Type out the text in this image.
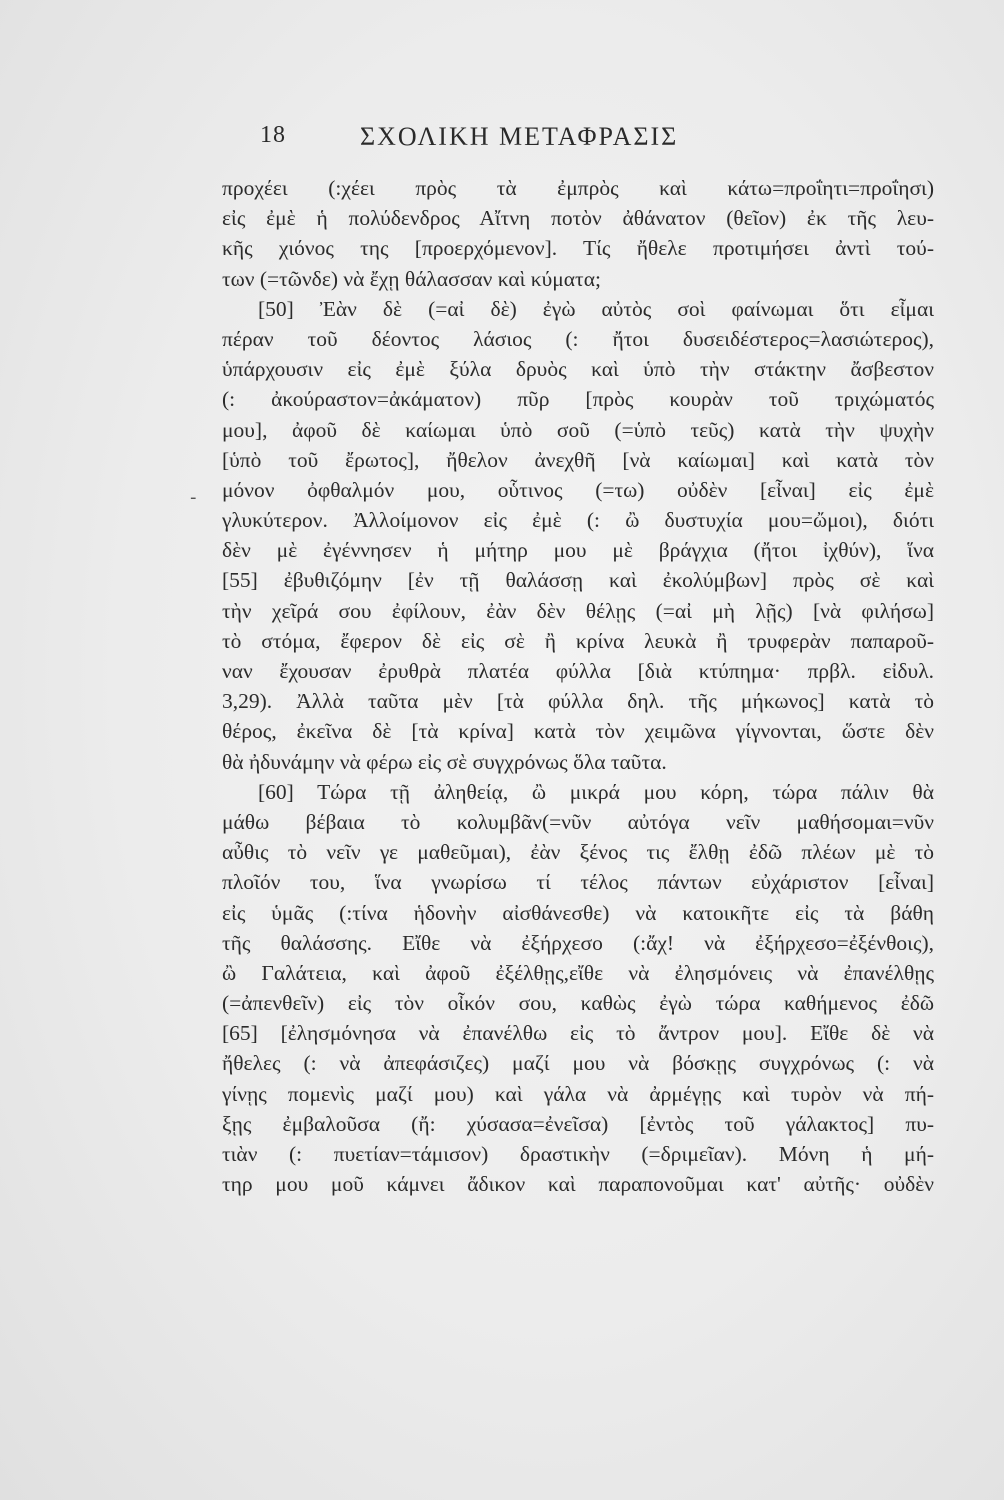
18	ΣΧΟΛΙΚΗ ΜΕΤΑΦΡΑΣΙΣ
-
προχέει (:χέει πρὸς τὰ ἐμπρὸς καὶ κάτω=προΐητι=προΐησι)
εἰς ἐμὲ ἡ πολύδενδρος Αἴτνη ποτὸν ἀθάνατον (θεῖον) ἐκ τῆς λευ-
κῆς χιόνος της [προερχόμενον]. Τίς ἤθελε προτιμήσει ἀντὶ τού-
των (=τῶνδε) νὰ ἔχῃ θάλασσαν καὶ κύματα;
[50] Ἐὰν δὲ (=αἰ δὲ) ἐγὼ αὐτὸς σοὶ φαίνωμαι ὅτι εἶμαι
πέραν τοῦ δέοντος λάσιος (: ἤτοι δυσειδέστερος=λασιώτερος),
ὑπάρχουσιν εἰς ἐμὲ ξύλα δρυὸς καὶ ὑπὸ τὴν στάκτην ἄσβεστον
(: ἀκούραστον=ἀκάματον) πῦρ [πρὸς κουρὰν τοῦ τριχώματός
μου], ἀφοῦ δὲ καίωμαι ὑπὸ σοῦ (=ὑπὸ τεῦς) κατὰ τὴν ψυχὴν
[ὑπὸ τοῦ ἔρωτος], ἤθελον ἀνεχθῆ [νὰ καίωμαι] καὶ κατὰ τὸν
μόνον ὀφθαλμόν μου, οὗτινος (=τω) οὐδὲν [εἶναι] εἰς ἐμὲ
γλυκύτερον. Ἀλλοίμονον εἰς ἐμὲ (: ὢ δυστυχία μου=ὤμοι), διότι
δὲν μὲ ἐγέννησεν ἡ μήτηρ μου μὲ βράγχια (ἤτοι ἰχθύν), ἵνα
[55] ἐβυθιζόμην [ἐν τῇ θαλάσσῃ καὶ ἐκολύμβων] πρὸς σὲ καὶ
τὴν χεῖρά σου ἐφίλουν, ἐὰν δὲν θέλῃς (=αἰ μὴ λῇς) [νὰ φιλήσω]
τὸ στόμα, ἔφερον δὲ εἰς σὲ ἢ κρίνα λευκὰ ἢ τρυφερὰν παπαροῦ-
ναν ἔχουσαν ἐρυθρὰ πλατέα φύλλα [διὰ κτύπημα· πρβλ. εἰδυλ.
3,29). Ἀλλὰ ταῦτα μὲν [τὰ φύλλα δηλ. τῆς μήκωνος] κατὰ τὸ
θέρος, ἐκεῖνα δὲ [τὰ κρίνα] κατὰ τὸν χειμῶνα γίγνονται, ὥστε δὲν
θὰ ἠδυνάμην νὰ φέρω εἰς σὲ συγχρόνως ὅλα ταῦτα.
[60] Τώρα τῇ ἀληθείᾳ, ὢ μικρά μου κόρη, τώρα πάλιν θὰ
μάθω βέβαια τὸ κολυμβᾶν(=νῦν αὐτόγα νεῖν μαθήσομαι=νῦν
αὖθις τὸ νεῖν γε μαθεῦμαι), ἐὰν ξένος τις ἔλθῃ ἐδῶ πλέων μὲ τὸ
πλοῖόν του, ἵνα γνωρίσω τί τέλος πάντων εὐχάριστον [εἶναι]
εἰς ὑμᾶς (:τίνα ἡδονὴν αἰσθάνεσθε) νὰ κατοικῆτε εἰς τὰ βάθη
τῆς θαλάσσης. Εἴθε νὰ ἐξήρχεσο (:ἄχ! νὰ ἐξήρχεσο=ἐξένθοις),
ὢ Γαλάτεια, καὶ ἀφοῦ ἐξέλθῃς,εἴθε νὰ ἐλησμόνεις νὰ ἐπανέλθῃς
(=ἀπενθεῖν) εἰς τὸν οἶκόν σου, καθὼς ἐγὼ τώρα καθήμενος ἐδῶ
[65] [ἐλησμόνησα νὰ ἐπανέλθω εἰς τὸ ἄντρον μου]. Εἴθε δὲ νὰ
ἤθελες (: νὰ ἀπεφάσιζες) μαζί μου νὰ βόσκῃς συγχρόνως (: νὰ
γίνῃς πομενὶς μαζί μου) καὶ γάλα νὰ ἀρμέγῃς καὶ τυρὸν νὰ πή-
ξῃς ἐμβαλοῦσα (ἤ: χύσασα=ἐνεῖσα) [ἐντὸς τοῦ γάλακτος] πυ-
τιὰν (: πυετίαν=τάμισον) δραστικὴν (=δριμεῖαν). Μόνη ἡ μή-
τηρ μου μοῦ κάμνει ἄδικον καὶ παραπονοῦμαι κατ' αὐτῆς· οὐδὲν
